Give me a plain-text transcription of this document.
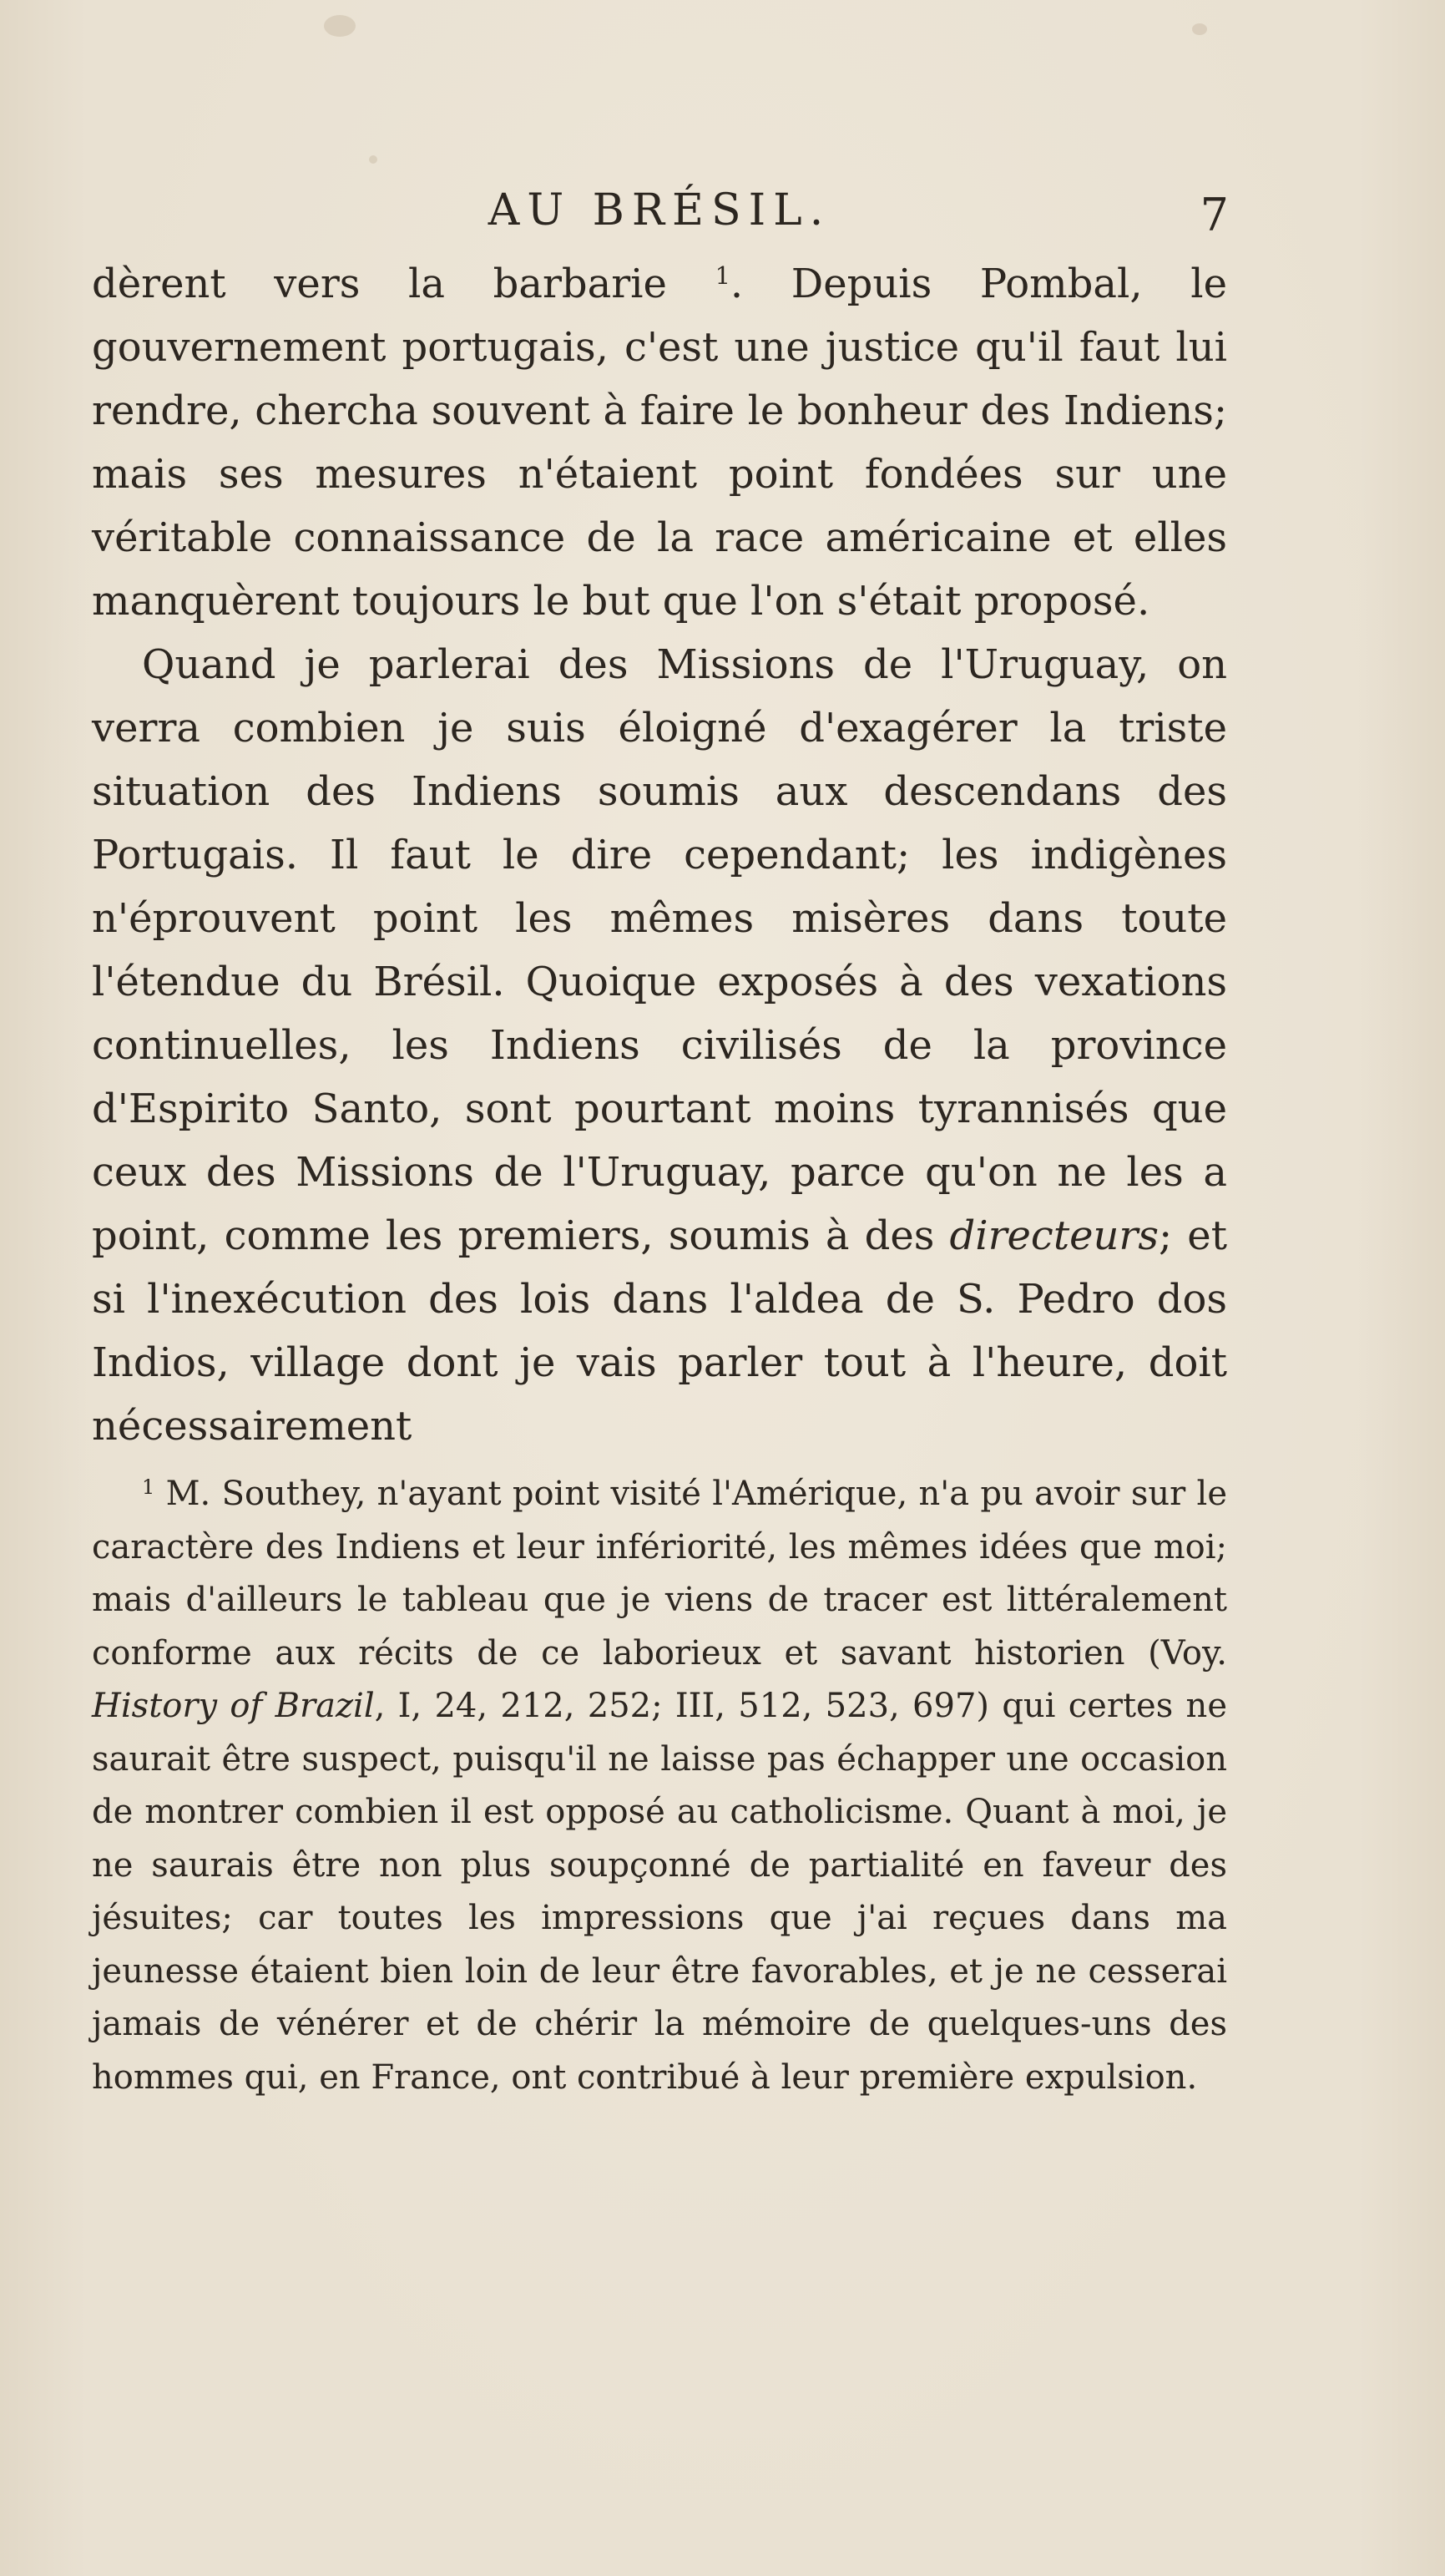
AU BRÉSIL.	7

dèrent vers la barbarie $^1$. Depuis Pombal, le gouvernement portugais, c'est une justice qu'il faut lui rendre, chercha souvent à faire le bonheur des Indiens; mais ses mesures n'étaient point fondées sur une véritable connaissance de la race américaine et elles manquèrent toujours le but que l'on s'était proposé.

Quand je parlerai des Missions de l'Uruguay, on verra combien je suis éloigné d'exagérer la triste situation des Indiens soumis aux descendans des Portugais. Il faut le dire cependant; les indigènes n'éprouvent point les mêmes misères dans toute l'étendue du Brésil. Quoique exposés à des vexations continuelles, les Indiens civilisés de la province d'Espirito Santo, sont pourtant moins tyrannisés que ceux des Missions de l'Uruguay, parce qu'on ne les a point, comme les premiers, soumis à des directeurs; et si l'inexécution des lois dans l'aldea de S. Pedro dos Indios, village dont je vais parler tout à l'heure, doit nécessairement

$^1$ M. Southey, n'ayant point visité l'Amérique, n'a pu avoir sur le caractère des Indiens et leur infériorité, les mêmes idées que moi; mais d'ailleurs le tableau que je viens de tracer est littéralement conforme aux récits de ce laborieux et savant historien (Voy. History of Brazil, I, 24, 212, 252; III, 512, 523, 697) qui certes ne saurait être suspect, puisqu'il ne laisse pas échapper une occasion de montrer combien il est opposé au catholicisme. Quant à moi, je ne saurais être non plus soupçonné de partialité en faveur des jésuites; car toutes les impressions que j'ai reçues dans ma jeunesse étaient bien loin de leur être favorables, et je ne cesserai jamais de vénérer et de chérir la mémoire de quelques-uns des hommes qui, en France, ont contribué à leur première expulsion.
